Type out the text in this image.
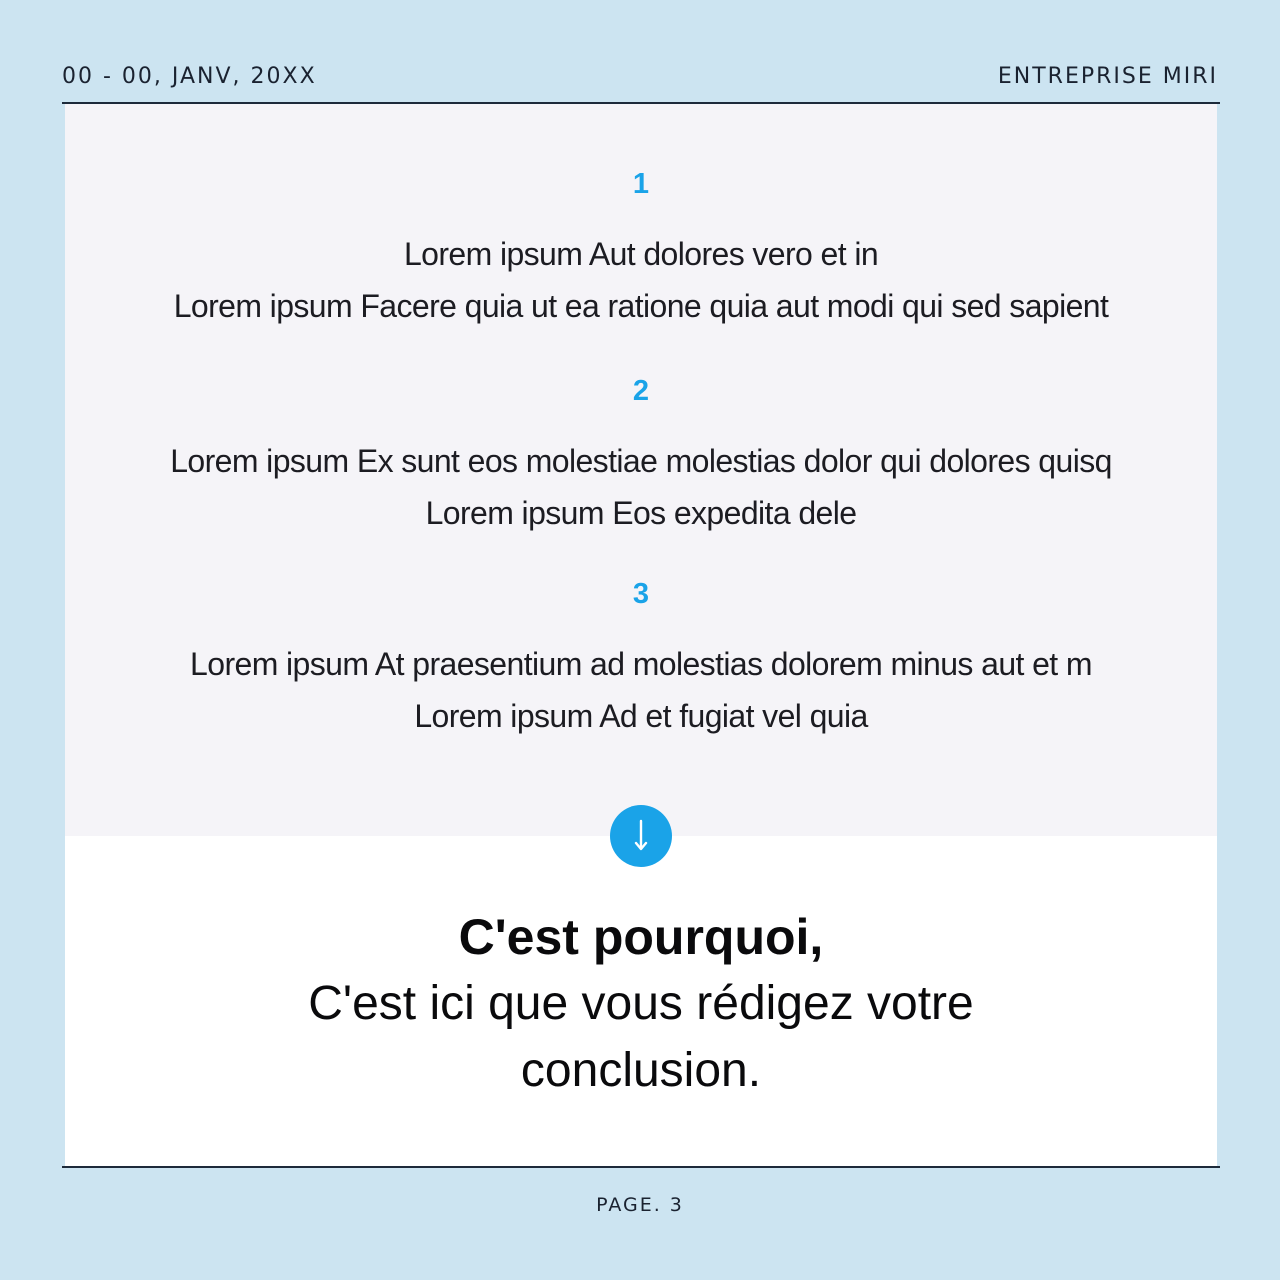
00 - 00, JANV, 20XX	ENTREPRISE MIRI
1
Lorem ipsum Aut dolores vero et in
Lorem ipsum Facere quia ut ea ratione quia aut modi qui sed sapient
2
Lorem ipsum Ex sunt eos molestiae molestias dolor qui dolores quisq
Lorem ipsum Eos expedita dele
3
Lorem ipsum At praesentium ad molestias dolorem minus aut et m
Lorem ipsum Ad et fugiat vel quia
C'est pourquoi,
C'est ici que vous rédigez votre
conclusion.
PAGE. 3
